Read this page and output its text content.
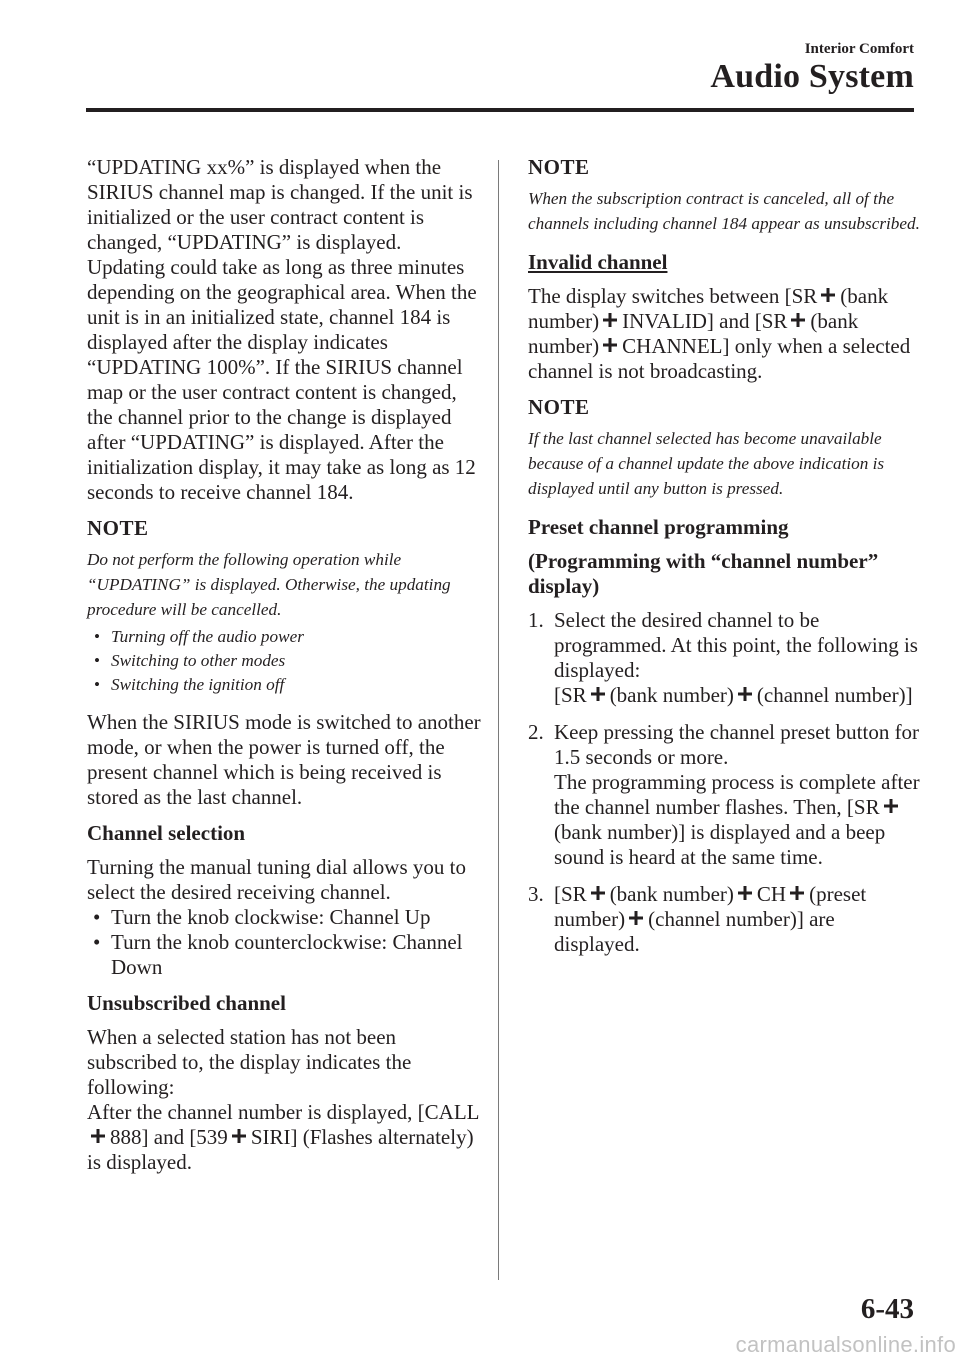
Interior Comfort
Audio System

“UPDATING xx%” is displayed when the SIRIUS channel map is changed. If the unit is initialized or the user contract content is changed, “UPDATING” is displayed. Updating could take as long as three minutes depending on the geographical area. When the unit is in an initialized state, channel 184 is displayed after the display indicates “UPDATING 100%”. If the SIRIUS channel map or the user contract content is changed, the channel prior to the change is displayed after “UPDATING” is displayed. After the initialization display, it may take as long as 12 seconds to receive channel 184.

NOTE

Do not perform the following operation while “UPDATING” is displayed. Otherwise, the updating procedure will be cancelled.

• Turning off the audio power
• Switching to other modes
• Switching the ignition off

When the SIRIUS mode is switched to another mode, or when the power is turned off, the present channel which is being received is stored as the last channel.

Channel selection

Turning the manual tuning dial allows you to select the desired receiving channel.

• Turn the knob clockwise: Channel Up
• Turn the knob counterclockwise: Channel Down

Unsubscribed channel

When a selected station has not been subscribed to, the display indicates the following:

After the channel number is displayed, [CALL888] and [539 SIRI] (Flashes alternately) is displayed.

NOTE

When the subscription contract is canceled, all of the channels including channel 184 appear as unsubscribed.

Invalid channel

The display switches between [SR (bank number) INVALID] and [SR (bank number) CHANNEL] only when a selected channel is not broadcasting.

NOTE

If the last channel selected has become unavailable because of a channel update the above indication is displayed until any button is pressed.

Preset channel programming

(Programming with “channel number” display)

1. Select the desired channel to be programmed. At this point, the following is displayed:
[SR (bank number) (channel number)]
2. Keep pressing the channel preset button for 1.5 seconds or more.
The programming process is complete after the channel number flashes. Then, [SR(bank number)] is displayed and a beep sound is heard at the same time.
3. [SR (bank number) CH (preset number) (channel number)] are displayed.
6-43
carmanualsonline.info
